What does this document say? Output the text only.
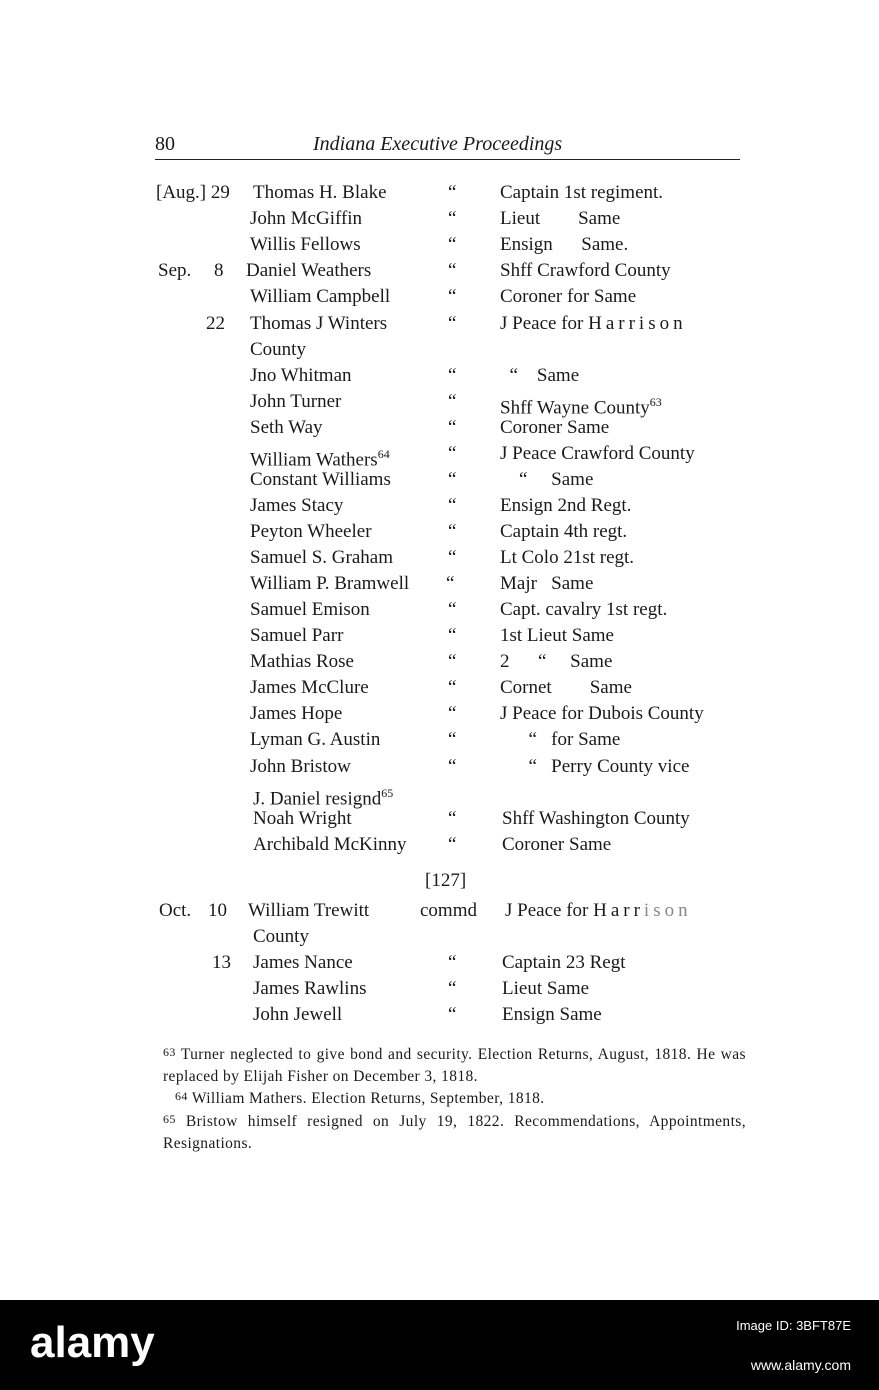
80	Indiana Executive Proceedings
[Aug.] 29	Thomas H. Blake	“ Captain 1st regiment.
John McGiffin	“ Lieut        Same
Willis Fellows	“ Ensign      Same.
Sep.	8	Daniel Weathers	“ Shff Crawford County
William Campbell	“ Coroner for Same
22	Thomas J Winters	“ J Peace for Harrison
County
Jno Whitman	“ “    Same
John Turner	“ Shff Wayne County$^{63}$
Seth Way	“ Coroner Same
William Wathers$^{64}$	“ J Peace Crawford County
Constant Williams	“ “     Same
James Stacy	“ Ensign 2nd Regt.
Peyton Wheeler	“ Captain 4th regt.
Samuel S. Graham	“ Lt Colo 21st regt.
William P. Bramwell “ Majr   Same
Samuel Emison	“ Capt. cavalry 1st regt.
Samuel Parr	“ 1st Lieut Same
Mathias Rose	“ 2      “     Same
James McClure	“ Cornet        Same
James Hope	“ J Peace for Dubois County
Lyman G. Austin	“ “   for Same
John Bristow	“ “   Perry County vice
J. Daniel resignd$^{65}$
Noah Wright	“ Shff Washington County
Archibald McKinny “ Coroner Same
[127]
Oct. 10	William Trewitt	commd J Peace for Harrison
County
13	James Nance	“ Captain 23 Regt
James Rawlins	“ Lieut Same
John Jewell	“ Ensign Same
63 Turner neglected to give bond and security. Election Returns, August, 1818. He was replaced by Elijah Fisher on December 3, 1818.
64 William Mathers. Election Returns, September, 1818.
65 Bristow himself resigned on July 19, 1822. Recommendations, Appointments, Resignations.
alamy	Image ID: 3BFT87E
www.alamy.com
